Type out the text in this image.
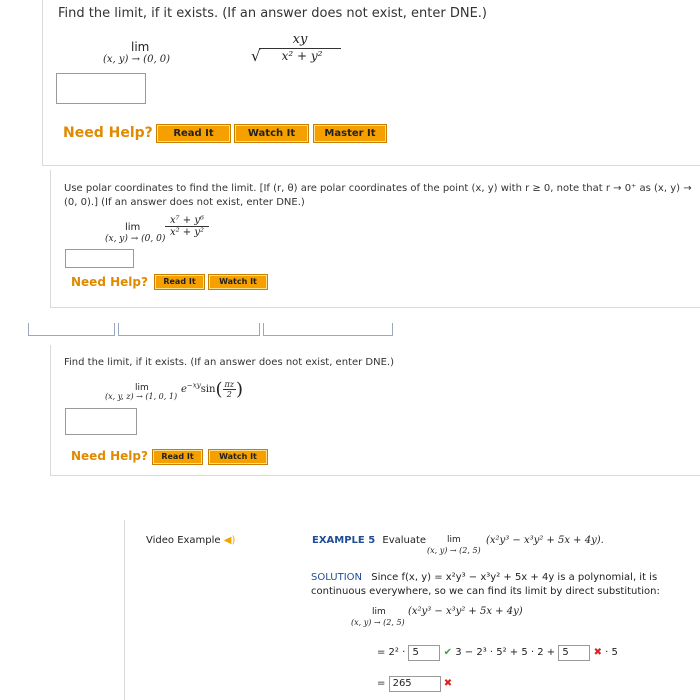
Find the limit, if it exists. (If an answer does not exist, enter DNE.)
lim
(x, y) → (0, 0)
xy
√ x² + y²
Need Help?	Read It	Watch It	Master It
Use polar coordinates to find the limit. [If (r, θ) are polar coordinates of the point (x, y) with r ≥ 0, note that r → 0⁺ as (x, y) →
(0, 0).] (If an answer does not exist, enter DNE.)
lim
(x, y) → (0, 0)
$\frac{\text{x⁷ + y⁶}}{\text{x² + y²}}$
Need Help?	Read It	Watch It
Find the limit, if it exists. (If an answer does not exist, enter DNE.)
lim
(x, y, z) → (1, 0, 1)
$e^{-xy}\sin( \frac{\pi z}{2}$ )
Need Help?	Read It	Watch It
Video Example ◀)	EXAMPLE 5 Evaluate lim
(x, y) → (2, 5)
(x²y³ − x³y² + 5x + 4y).
SOLUTION Since f(x, y) = x²y³ − x³y² + 5x + 4y is a polynomial, it is
continuous everywhere, so we can find its limit by direct substitution:
lim
(x, y) → (2, 5)
(x²y³ − x³y² + 5x + 4y)
= 2² · 5 ✔ 3 − 2³ · 5² + 5 · 2 + 5 ✖ · 5
= 265	✖
